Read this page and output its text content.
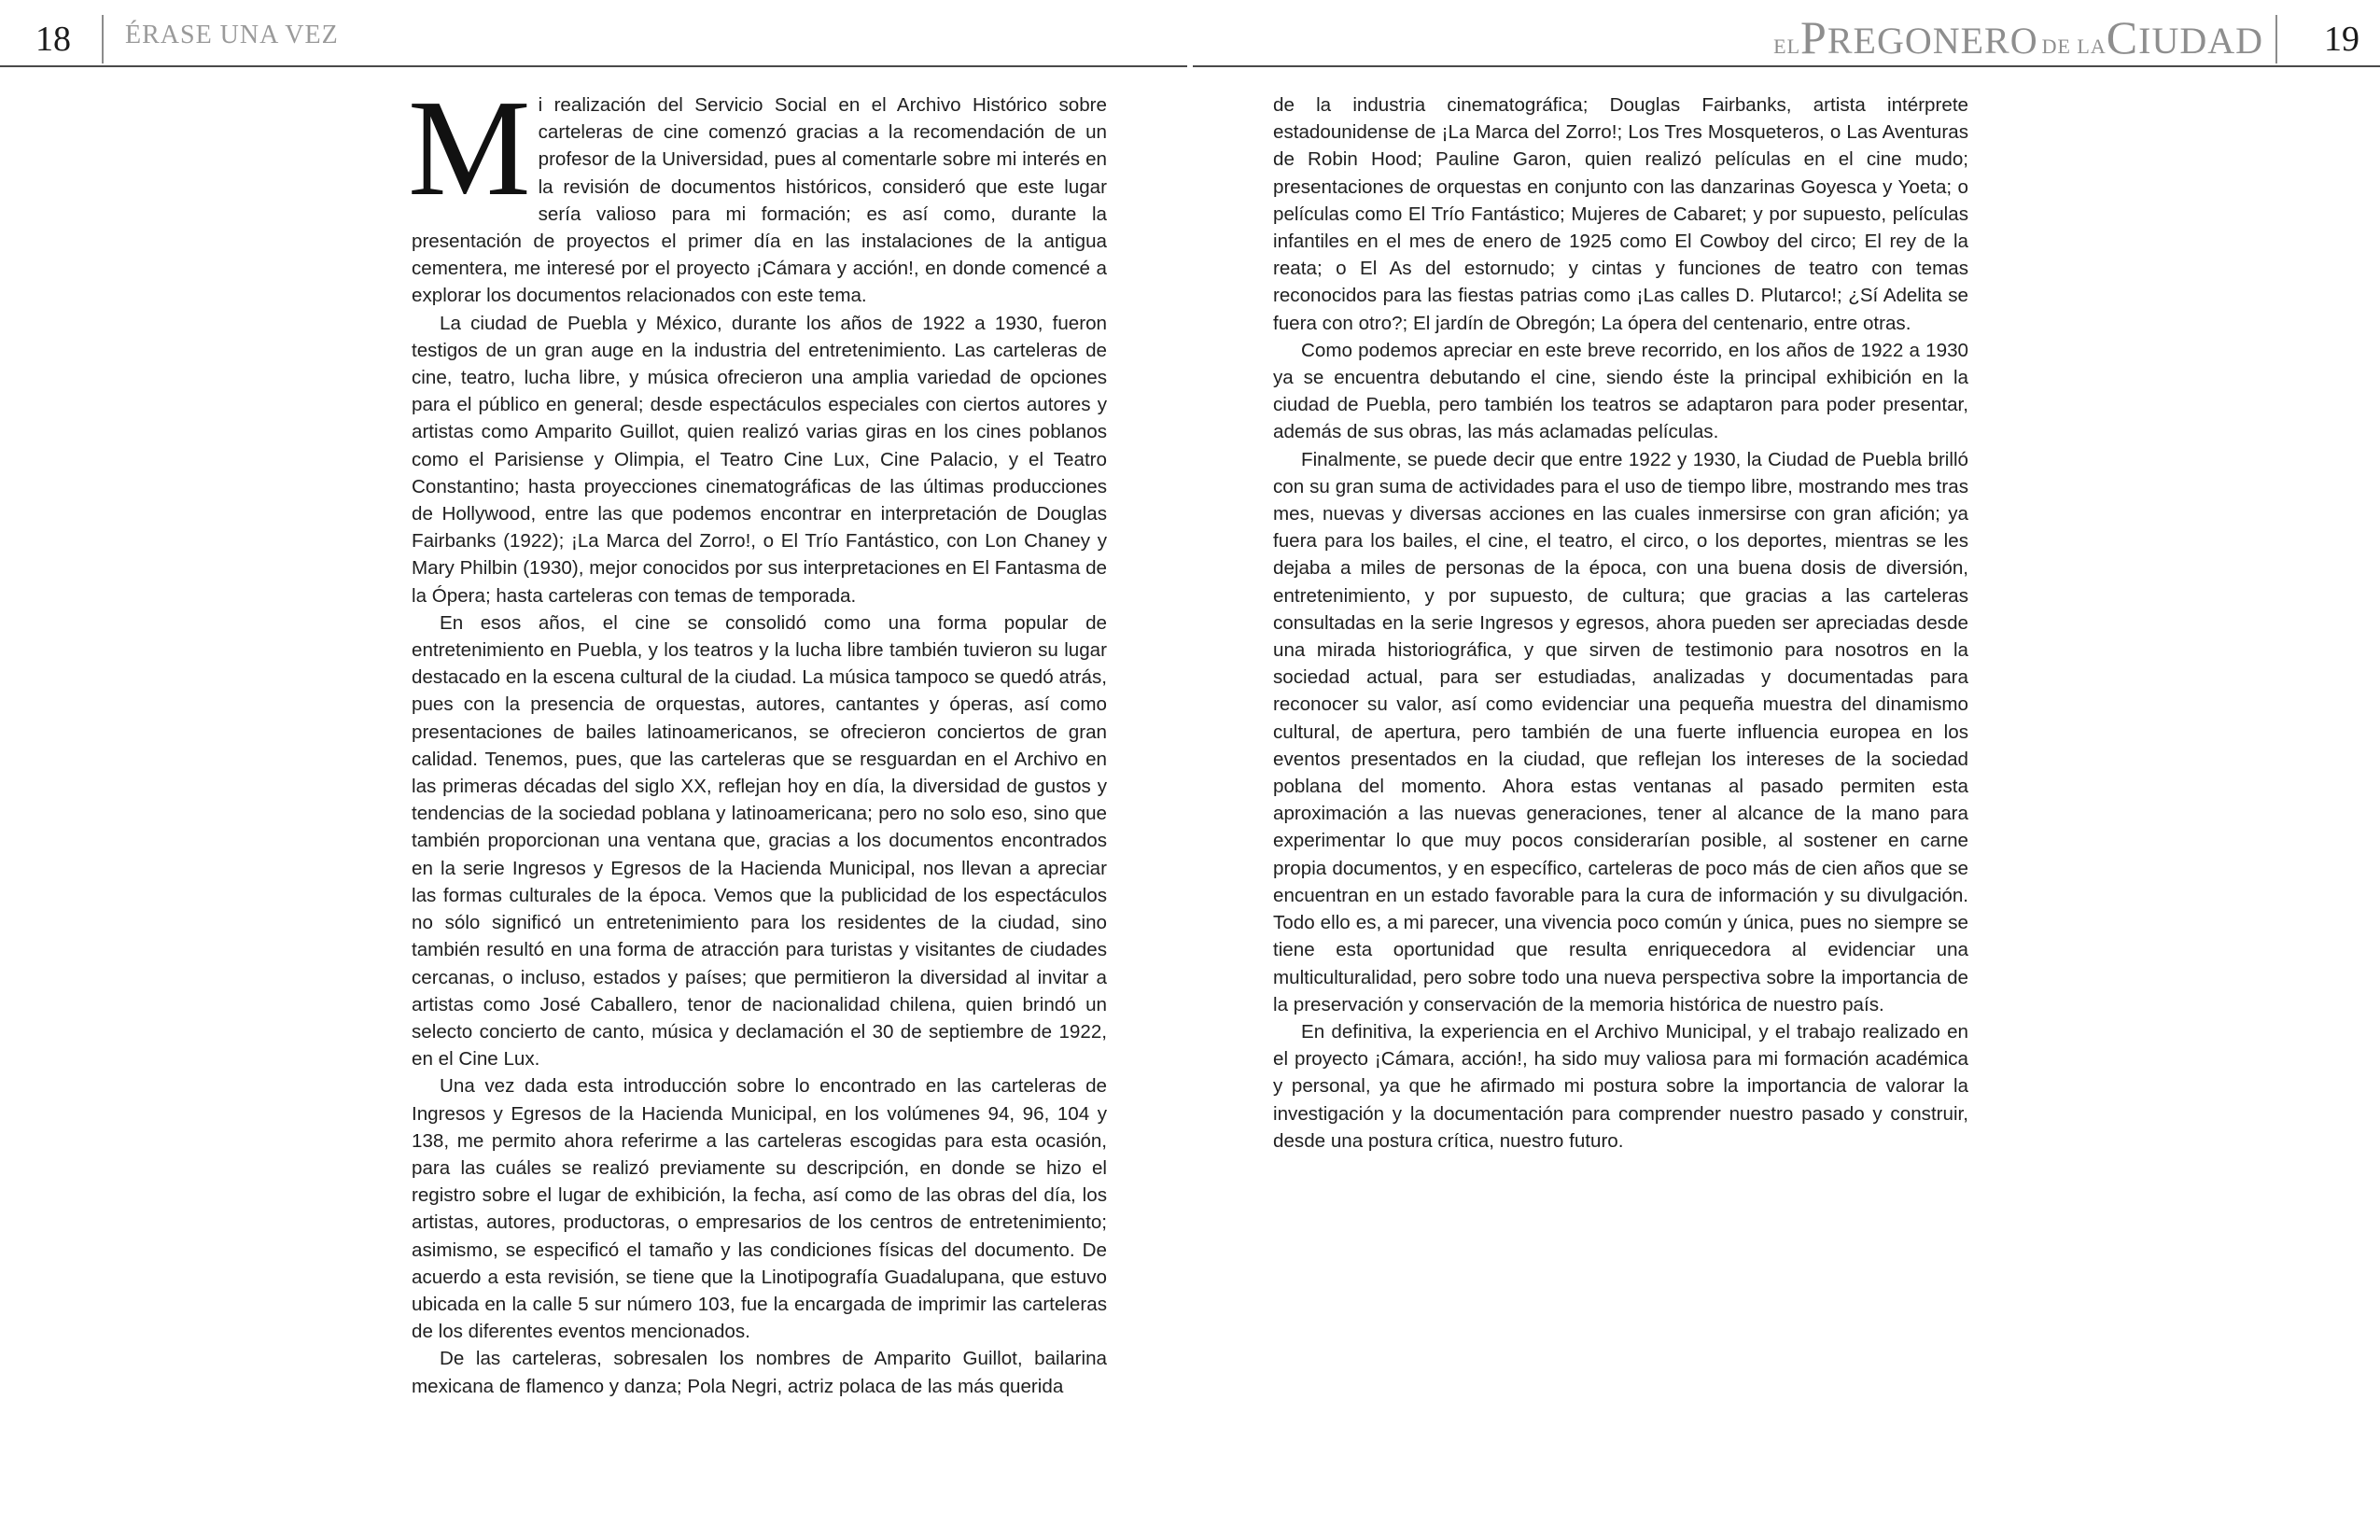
18 ÉRASE UNA VEZ	ELPREGONERO DE LACIUDAD 19

Mi realización del Servicio Social en el Archivo Histórico sobre carteleras de cine comenzó gracias a la recomendación de un profesor de la Universidad, pues al comentarle sobre mi interés en la revisión de documentos históricos, consideró que este lugar sería valioso para mi formación; es así como, durante la presentación de proyectos el primer día en las instalaciones de la antigua cementera, me interesé por el proyecto ¡Cámara y acción!, en donde comencé a explorar los documentos relacionados con este tema.

La ciudad de Puebla y México, durante los años de 1922 a 1930, fueron testigos de un gran auge en la industria del entretenimiento. Las carteleras de cine, teatro, lucha libre, y música ofrecieron una amplia variedad de opciones para el público en general; desde espectáculos especiales con ciertos autores y artistas como Amparito Guillot, quien realizó varias giras en los cines poblanos como el Parisiense y Olimpia, el Teatro Cine Lux, Cine Palacio, y el Teatro Constantino; hasta proyecciones cinematográficas de las últimas producciones de Hollywood, entre las que podemos encontrar en interpretación de Douglas Fairbanks (1922); ¡La Marca del Zorro!, o El Trío Fantástico, con Lon Chaney y Mary Philbin (1930), mejor conocidos por sus interpretaciones en El Fantasma de la Ópera; hasta carteleras con temas de temporada.

En esos años, el cine se consolidó como una forma popular de entretenimiento en Puebla, y los teatros y la lucha libre también tuvieron su lugar destacado en la escena cultural de la ciudad. La música tampoco se quedó atrás, pues con la presencia de orquestas, autores, cantantes y óperas, así como presentaciones de bailes latinoamericanos, se ofrecieron conciertos de gran calidad. Tenemos, pues, que las carteleras que se resguardan en el Archivo en las primeras décadas del siglo XX, reflejan hoy en día, la diversidad de gustos y tendencias de la sociedad poblana y latinoamericana; pero no solo eso, sino que también proporcionan una ventana que, gracias a los documentos encontrados en la serie Ingresos y Egresos de la Hacienda Municipal, nos llevan a apreciar las formas culturales de la época. Vemos que la publicidad de los espectáculos no sólo significó un entretenimiento para los residentes de la ciudad, sino también resultó en una forma de atracción para turistas y visitantes de ciudades cercanas, o incluso, estados y países; que permitieron la diversidad al invitar a artistas como José Caballero, tenor de nacionalidad chilena, quien brindó un selecto concierto de canto, música y declamación el 30 de septiembre de 1922, en el Cine Lux.

Una vez dada esta introducción sobre lo encontrado en las carteleras de Ingresos y Egresos de la Hacienda Municipal, en los volúmenes 94, 96, 104 y 138, me permito ahora referirme a las carteleras escogidas para esta ocasión, para las cuáles se realizó previamente su descripción, en donde se hizo el registro sobre el lugar de exhibición, la fecha, así como de las obras del día, los artistas, autores, productoras, o empresarios de los centros de entretenimiento; asimismo, se especificó el tamaño y las condiciones físicas del documento. De acuerdo a esta revisión, se tiene que la Linotipografía Guadalupana, que estuvo ubicada en la calle 5 sur número 103, fue la encargada de imprimir las carteleras de los diferentes eventos mencionados.

De las carteleras, sobresalen los nombres de Amparito Guillot, bailarina mexicana de flamenco y danza; Pola Negri, actriz polaca de las más querida

de la industria cinematográfica; Douglas Fairbanks, artista intérprete estadounidense de ¡La Marca del Zorro!; Los Tres Mosqueteros, o Las Aventuras de Robin Hood; Pauline Garon, quien realizó películas en el cine mudo; presentaciones de orquestas en conjunto con las danzarinas Goyesca y Yoeta; o películas como El Trío Fantástico; Mujeres de Cabaret; y por supuesto, películas infantiles en el mes de enero de 1925 como El Cowboy del circo; El rey de la reata; o El As del estornudo; y cintas y funciones de teatro con temas reconocidos para las fiestas patrias como ¡Las calles D. Plutarco!; ¿Sí Adelita se fuera con otro?; El jardín de Obregón; La ópera del centenario, entre otras.

Como podemos apreciar en este breve recorrido, en los años de 1922 a 1930 ya se encuentra debutando el cine, siendo éste la principal exhibición en la ciudad de Puebla, pero también los teatros se adaptaron para poder presentar, además de sus obras, las más aclamadas películas.

Finalmente, se puede decir que entre 1922 y 1930, la Ciudad de Puebla brilló con su gran suma de actividades para el uso de tiempo libre, mostrando mes tras mes, nuevas y diversas acciones en las cuales inmersirse con gran afición; ya fuera para los bailes, el cine, el teatro, el circo, o los deportes, mientras se les dejaba a miles de personas de la época, con una buena dosis de diversión, entretenimiento, y por supuesto, de cultura; que gracias a las carteleras consultadas en la serie Ingresos y egresos, ahora pueden ser apreciadas desde una mirada historiográfica, y que sirven de testimonio para nosotros en la sociedad actual, para ser estudiadas, analizadas y documentadas para reconocer su valor, así como evidenciar una pequeña muestra del dinamismo cultural, de apertura, pero también de una fuerte influencia europea en los eventos presentados en la ciudad, que reflejan los intereses de la sociedad poblana del momento. Ahora estas ventanas al pasado permiten esta aproximación a las nuevas generaciones, tener al alcance de la mano para experimentar lo que muy pocos considerarían posible, al sostener en carne propia documentos, y en específico, carteleras de poco más de cien años que se encuentran en un estado favorable para la cura de información y su divulgación. Todo ello es, a mi parecer, una vivencia poco común y única, pues no siempre se tiene esta oportunidad que resulta enriquecedora al evidenciar una multiculturalidad, pero sobre todo una nueva perspectiva sobre la importancia de la preservación y conservación de la memoria histórica de nuestro país.

En definitiva, la experiencia en el Archivo Municipal, y el trabajo realizado en el proyecto ¡Cámara, acción!, ha sido muy valiosa para mi formación académica y personal, ya que he afirmado mi postura sobre la importancia de valorar la investigación y la documentación para comprender nuestro pasado y construir, desde una postura crítica, nuestro futuro.
